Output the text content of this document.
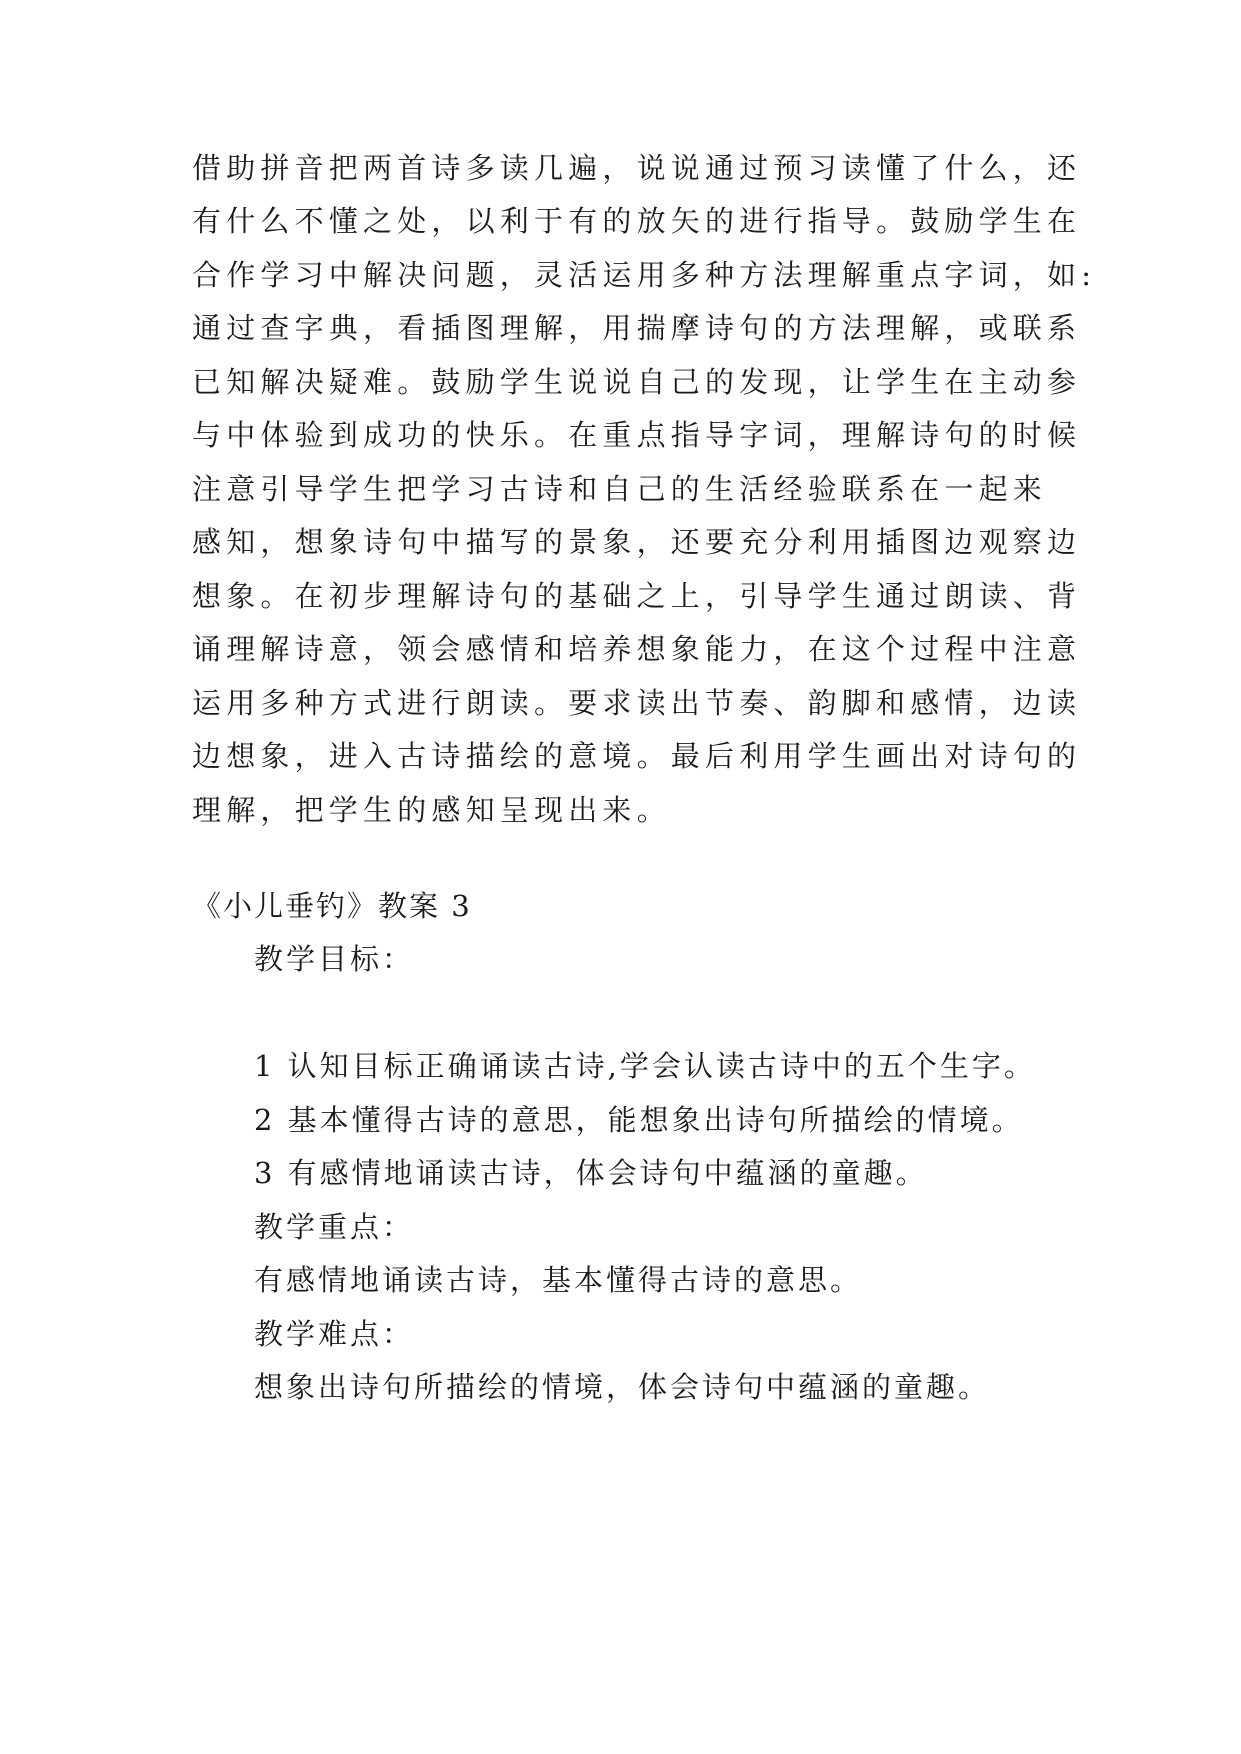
借助拼音把两首诗多读几遍，说说通过预习读懂了什么，还
有什么不懂之处，以利于有的放矢的进行指导。鼓励学生在
合作学习中解决问题，灵活运用多种方法理解重点字词，如:
通过查字典，看插图理解，用揣摩诗句的方法理解，或联系
已知解决疑难。鼓励学生说说自己的发现，让学生在主动参
与中体验到成功的快乐。在重点指导字词，理解诗句的时候
注意引导学生把学习古诗和自己的生活经验联系在一起来
感知，想象诗句中描写的景象，还要充分利用插图边观察边
想象。在初步理解诗句的基础之上，引导学生通过朗读、背
诵理解诗意，领会感情和培养想象能力，在这个过程中注意
运用多种方式进行朗读。要求读出节奏、韵脚和感情，边读
边想象，进入古诗描绘的意境。最后利用学生画出对诗句的
理解，把学生的感知呈现出来。
《小儿垂钓》教案 3
教学目标：
1 认知目标正确诵读古诗,学会认读古诗中的五个生字。
2 基本懂得古诗的意思，能想象出诗句所描绘的情境。
3 有感情地诵读古诗，体会诗句中蕴涵的童趣。
教学重点：
有感情地诵读古诗，基本懂得古诗的意思。
教学难点：
想象出诗句所描绘的情境，体会诗句中蕴涵的童趣。
